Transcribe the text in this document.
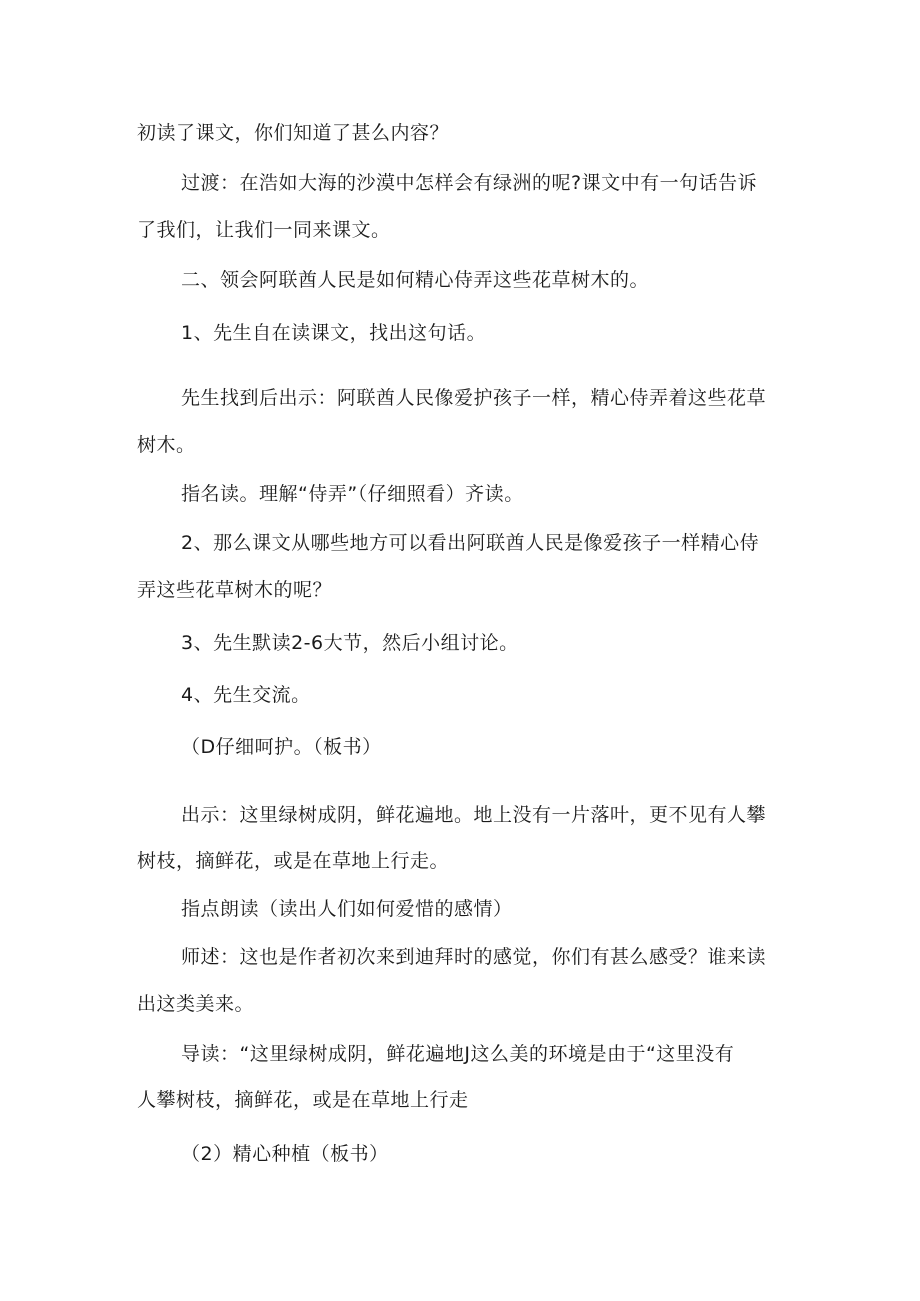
初读了课文，你们知道了甚么内容？
过渡：在浩如大海的沙漠中怎样会有绿洲的呢?课文中有一句话告诉
了我们，让我们一同来课文。
二、领会阿联酋人民是如何精心侍弄这些花草树木的。
1、先生自在读课文，找出这句话。
先生找到后出示：阿联酋人民像爱护孩子一样，精心侍弄着这些花草
树木。
指名读。理解“侍弄”（仔细照看）齐读。
2、那么课文从哪些地方可以看出阿联酋人民是像爱孩子一样精心侍
弄这些花草树木的呢？
3、先生默读2-6大节，然后小组讨论。
4、先生交流。
（D仔细呵护。（板书）
出示：这里绿树成阴，鲜花遍地。地上没有一片落叶，更不见有人攀
树枝，摘鲜花，或是在草地上行走。
指点朗读（读出人们如何爱惜的感情）
师述：这也是作者初次来到迪拜时的感觉，你们有甚么感受？谁来读
出这类美来。
导读：“这里绿树成阴，鲜花遍地J这么美的环境是由于“这里没有
人攀树枝，摘鲜花，或是在草地上行走
（2）精心种植（板书）
